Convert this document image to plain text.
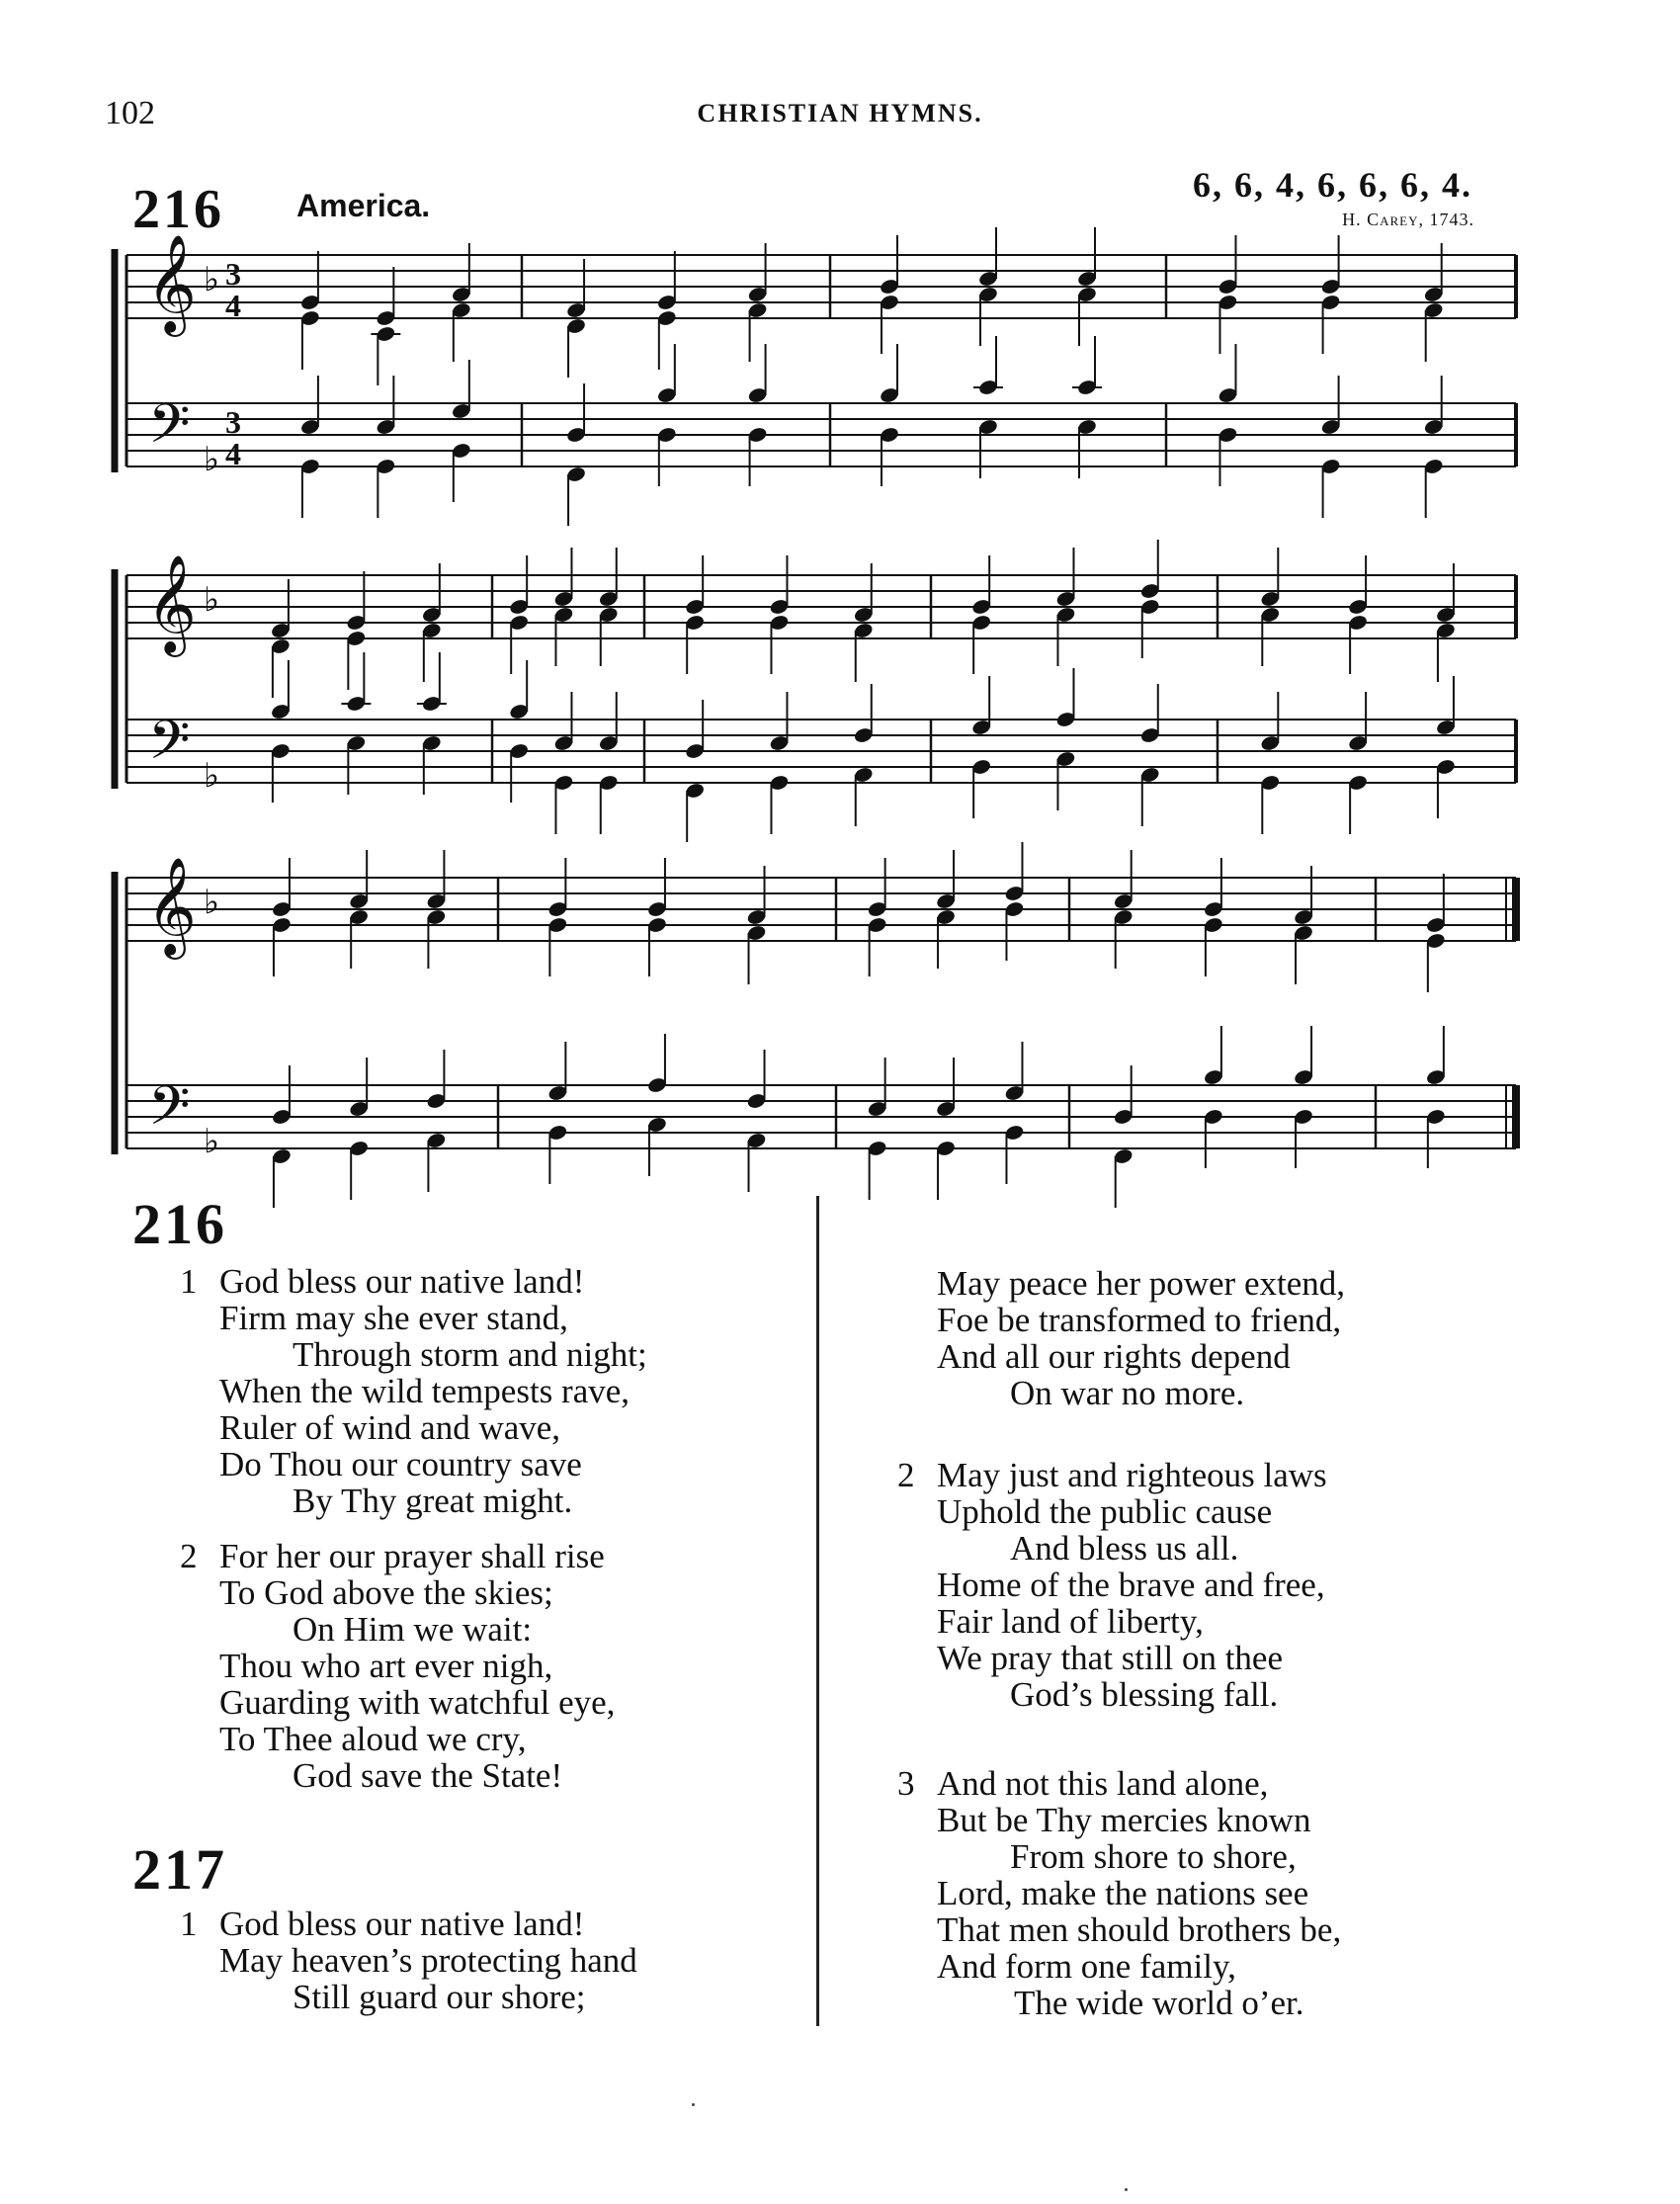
102	CHRISTIAN HYMNS.
216 America.
6, 6, 4, 6, 6, 6, 4.
H. Carey, 1743.
𝄞
𝄢
♭
♭
3
4
3
4
𝄞
𝄢
♭
♭
𝄞
𝄢
♭
♭
216
1 God bless our native land!
Firm may she ever stand,
Through storm and night;
When the wild tempests rave,
Ruler of wind and wave,
Do Thou our country save
By Thy great might.
2 For her our prayer shall rise
To God above the skies;
On Him we wait:
Thou who art ever nigh,
Guarding with watchful eye,
To Thee aloud we cry,
God save the State!
217
1 God bless our native land!
May heaven’s protecting hand
Still guard our shore;
May peace her power extend,
Foe be transformed to friend,
And all our rights depend
On war no more.
2 May just and righteous laws
Uphold the public cause
And bless us all.
Home of the brave and free,
Fair land of liberty,
We pray that still on thee
God’s blessing fall.
3 And not this land alone,
But be Thy mercies known
From shore to shore,
Lord, make the nations see
That men should brothers be,
And form one family,
The wide world o’er.
